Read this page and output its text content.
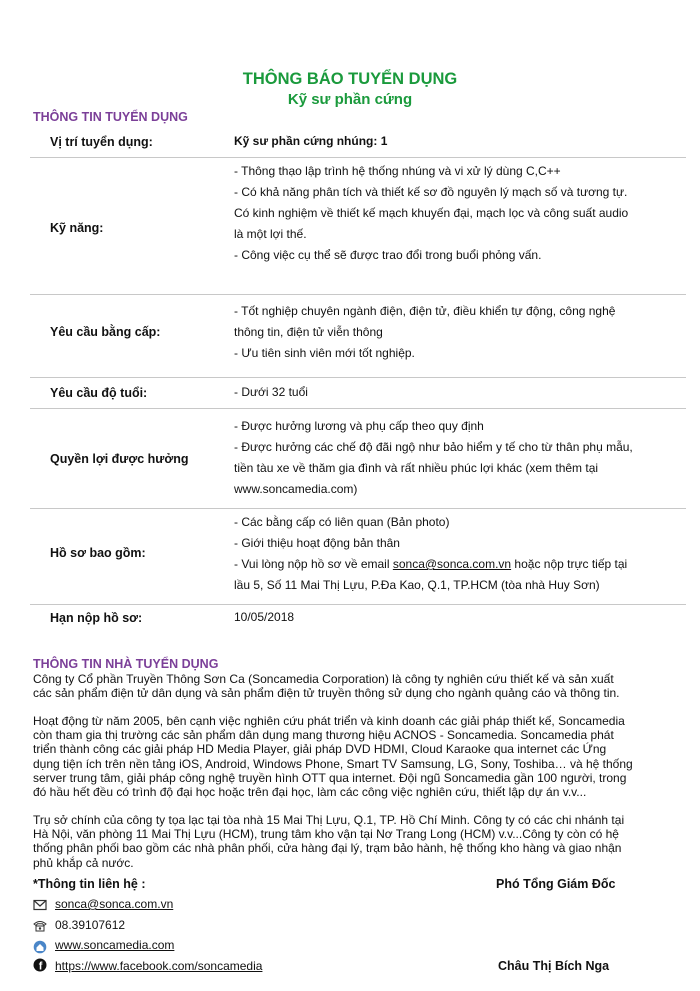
THÔNG BÁO TUYỂN DỤNG
Kỹ sư phần cứng
THÔNG TIN TUYỂN DỤNG
Vị trí tuyển dụng:	Kỹ sư phần cứng nhúng: 1
Kỹ năng:
- Thông thạo lập trình hệ thống nhúng và vi xử lý dùng C,C++
- Có khả năng phân tích và thiết kế sơ đồ nguyên lý mạch số và tương tự.
Có kinh nghiệm về thiết kế mạch khuyến đại, mạch lọc và công suất audio
là một lợi thế.
- Công việc cụ thể sẽ được trao đổi trong buổi phỏng vấn.
Yêu cầu bằng cấp:
- Tốt nghiệp chuyên ngành điện, điện tử, điều khiển tự động, công nghệ
thông tin, điện tử viễn thông
- Ưu tiên sinh viên mới tốt nghiệp.
Yêu cầu độ tuổi:	- Dưới 32 tuổi
Quyền lợi được hưởng
- Được hưởng lương và phụ cấp theo quy định
- Được hưởng các chế độ đãi ngộ như bảo hiểm y tế cho từ thân phụ mẫu,
tiền tàu xe về thăm gia đình và rất nhiều phúc lợi khác (xem thêm tại
www.soncamedia.com)
Hồ sơ bao gồm:
- Các bằng cấp có liên quan (Bản photo)
- Giới thiệu hoạt động bản thân
- Vui lòng nộp hồ sơ về email sonca@sonca.com.vn hoặc nộp trực tiếp tại
lầu 5, Số 11 Mai Thị Lựu, P.Đa Kao, Q.1, TP.HCM (tòa nhà Huy Sơn)
Hạn nộp hồ sơ:	10/05/2018
THÔNG TIN NHÀ TUYỂN DỤNG
Công ty Cổ phần Truyền Thông Sơn Ca (Soncamedia Corporation) là công ty nghiên cứu thiết kế và sản xuất
các sản phẩm điện tử dân dụng và sản phẩm điện tử truyền thông sử dụng cho ngành quảng cáo và thông tin.
Hoạt động từ năm 2005, bên cạnh việc nghiên cứu phát triển và kinh doanh các giải pháp thiết kế, Soncamedia
còn tham gia thị trường các sản phẩm dân dụng mang thương hiệu ACNOS - Soncamedia. Soncamedia phát
triển thành công các giải pháp HD Media Player, giải pháp DVD HDMI, Cloud Karaoke qua internet các Ứng
dụng tiện ích trên nền tảng iOS, Android, Windows Phone, Smart TV Samsung, LG, Sony, Toshiba… và hệ thống
server trung tâm, giải pháp công nghệ truyền hình OTT qua internet. Đội ngũ Soncamedia gần 100 người, trong
đó hầu hết đều có trình độ đại học hoặc trên đại học, làm các công việc nghiên cứu, thiết lập dự án v.v...
Trụ sở chính của công ty tọa lạc tại tòa nhà 15 Mai Thị Lựu, Q.1, TP. Hồ Chí Minh. Công ty có các chi nhánh tại
Hà Nội, văn phòng 11 Mai Thị Lựu (HCM), trung tâm kho vận tại Nơ Trang Long (HCM) v.v...Công ty còn có hệ
thống phân phối bao gồm các nhà phân phối, cửa hàng đại lý, trạm bảo hành, hệ thống kho hàng và giao nhận
phủ khắp cả nước.
*Thông tin liên hệ :	Phó Tổng Giám Đốc
sonca@sonca.com.vn
08.39107612
www.soncamedia.com
f https://www.facebook.com/soncamedia	Châu Thị Bích Nga
